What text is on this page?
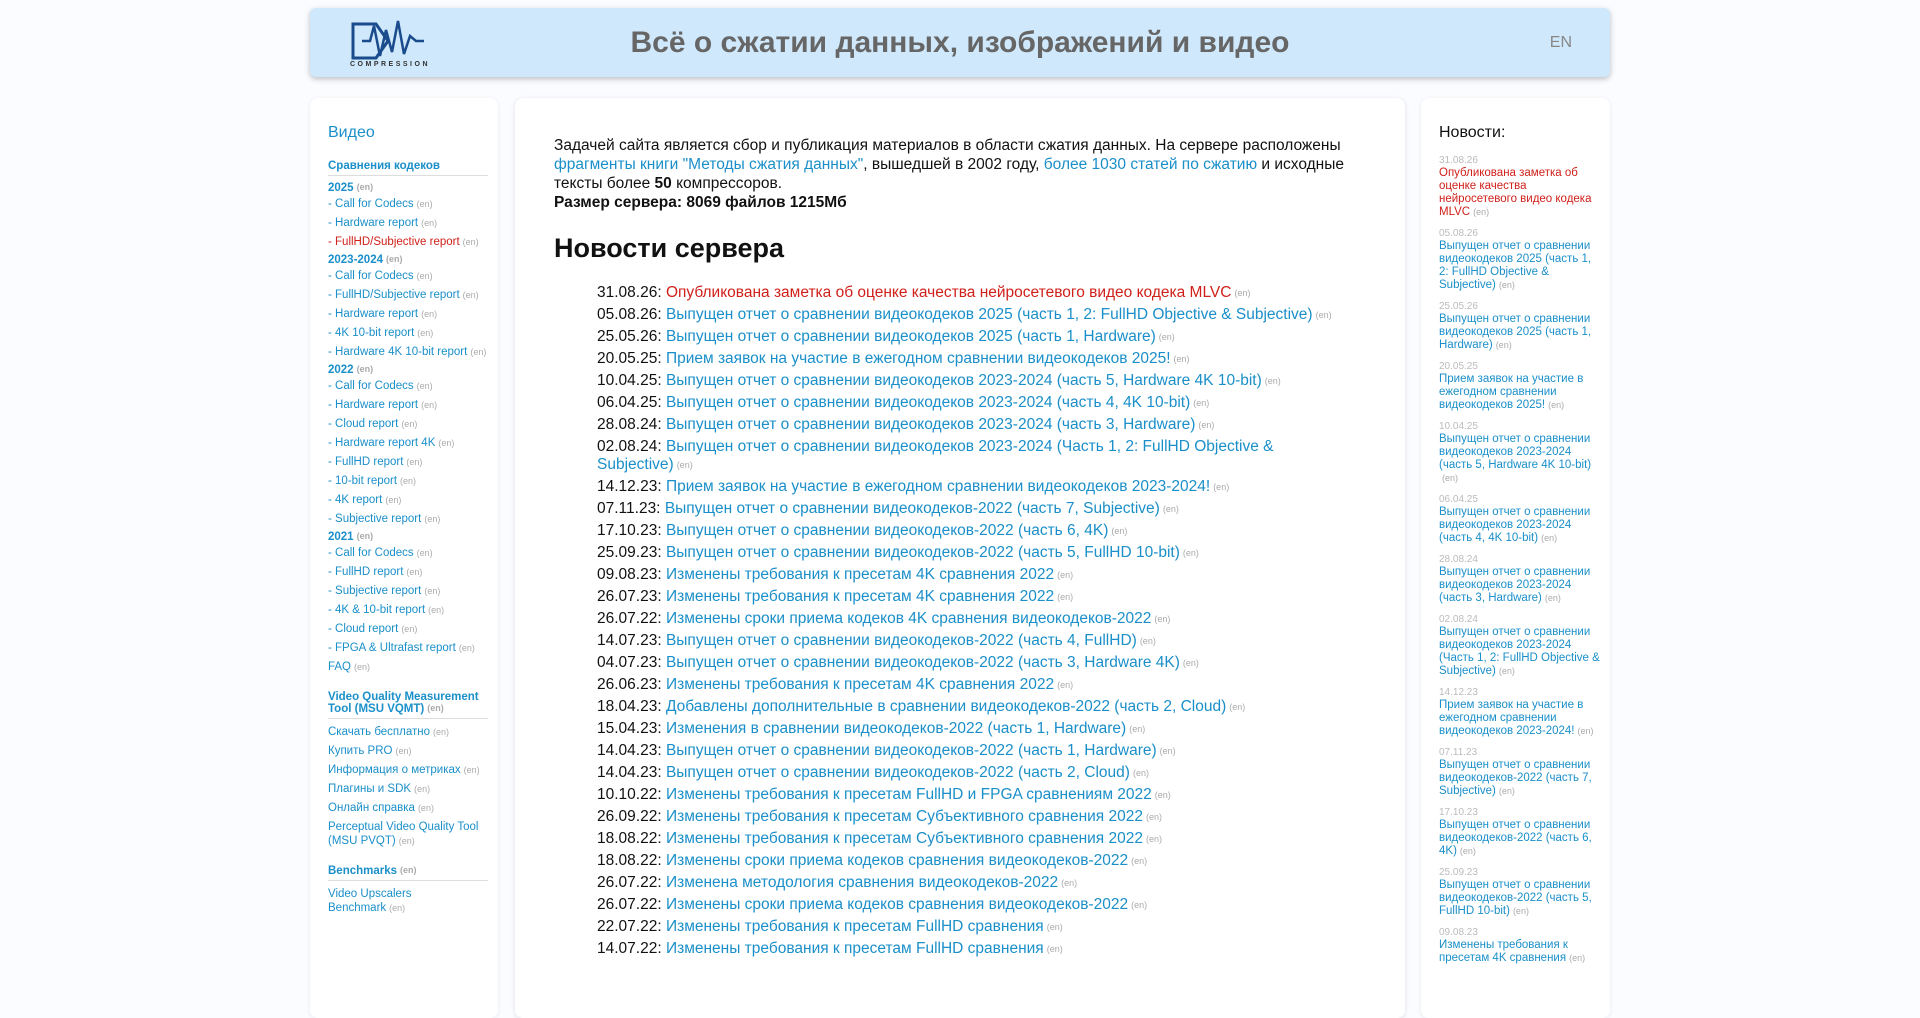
COMPRESSION
Всё о сжатии данных, изображений и видео	EN
Видео
Сравнения кодеков
2025 $^{(en)}$
- Call for Codecs $^{(en)}$
- Hardware report $^{(en)}$
- FullHD/Subjective report $^{(en)}$
2023-2024 $^{(en)}$
- Call for Codecs $^{(en)}$
- FullHD/Subjective report $^{(en)}$
- Hardware report $^{(en)}$
- 4K 10-bit report $^{(en)}$
- Hardware 4K 10-bit report $^{(en)}$
2022 $^{(en)}$
- Call for Codecs $^{(en)}$
- Hardware report $^{(en)}$
- Cloud report $^{(en)}$
- Hardware report 4K $^{(en)}$
- FullHD report $^{(en)}$
- 10-bit report $^{(en)}$
- 4K report $^{(en)}$
- Subjective report $^{(en)}$
2021 $^{(en)}$
- Call for Codecs $^{(en)}$
- FullHD report $^{(en)}$
- Subjective report $^{(en)}$
- 4K & 10-bit report $^{(en)}$
- Cloud report $^{(en)}$
- FPGA & Ultrafast report $^{(en)}$
FAQ $^{(en)}$
Video Quality Measurement Tool (MSU VQMT) $^{(en)}$
Скачать бесплатно $^{(en)}$
Купить PRO $^{(en)}$
Информация о метриках $^{(en)}$
Плагины и SDK $^{(en)}$
Онлайн справка $^{(en)}$
Perceptual Video Quality Tool (MSU PVQT) $^{(en)}$
Benchmarks $^{(en)}$
Video Upscalers Benchmark $^{(en)}$
Задачей сайта является сбор и публикация материалов в области сжатия данных. На сервере расположены фрагменты книги "Методы сжатия данных", вышедшей в 2002 году, более 1030 статей по сжатию и исходные тексты более 50 компрессоров.
Размер сервера: 8069 файлов 1215Мб
Новости сервера
31.08.26: Опубликована заметка об оценке качества нейросетевого видео кодека MLVC $^{(en)}$
05.08.26: Выпущен отчет о сравнении видеокодеков 2025 (часть 1, 2: FullHD Objective & Subjective) $^{(en)}$
25.05.26: Выпущен отчет о сравнении видеокодеков 2025 (часть 1, Hardware) $^{(en)}$
20.05.25: Прием заявок на участие в ежегодном сравнении видеокодеков 2025! $^{(en)}$
10.04.25: Выпущен отчет о сравнении видеокодеков 2023-2024 (часть 5, Hardware 4K 10-bit) $^{(en)}$
06.04.25: Выпущен отчет о сравнении видеокодеков 2023-2024 (часть 4, 4K 10-bit) $^{(en)}$
28.08.24: Выпущен отчет о сравнении видеокодеков 2023-2024 (часть 3, Hardware) $^{(en)}$
02.08.24: Выпущен отчет о сравнении видеокодеков 2023-2024 (Часть 1, 2: FullHD Objective & Subjective) $^{(en)}$
14.12.23: Прием заявок на участие в ежегодном сравнении видеокодеков 2023-2024! $^{(en)}$
07.11.23: Выпущен отчет о сравнении видеокодеков-2022 (часть 7, Subjective) $^{(en)}$
17.10.23: Выпущен отчет о сравнении видеокодеков-2022 (часть 6, 4K) $^{(en)}$
25.09.23: Выпущен отчет о сравнении видеокодеков-2022 (часть 5, FullHD 10-bit) $^{(en)}$
09.08.23: Изменены требования к пресетам 4K сравнения 2022 $^{(en)}$
26.07.23: Изменены требования к пресетам 4K сравнения 2022 $^{(en)}$
26.07.22: Изменены сроки приема кодеков 4K сравнения видеокодеков-2022 $^{(en)}$
14.07.23: Выпущен отчет о сравнении видеокодеков-2022 (часть 4, FullHD) $^{(en)}$
04.07.23: Выпущен отчет о сравнении видеокодеков-2022 (часть 3, Hardware 4K) $^{(en)}$
26.06.23: Изменены требования к пресетам 4K сравнения 2022 $^{(en)}$
18.04.23: Добавлены дополнительные в сравнении видеокодеков-2022 (часть 2, Cloud) $^{(en)}$
15.04.23: Изменения в сравнении видеокодеков-2022 (часть 1, Hardware) $^{(en)}$
14.04.23: Выпущен отчет о сравнении видеокодеков-2022 (часть 1, Hardware) $^{(en)}$
14.04.23: Выпущен отчет о сравнении видеокодеков-2022 (часть 2, Cloud) $^{(en)}$
10.10.22: Изменены требования к пресетам FullHD и FPGA сравнениям 2022 $^{(en)}$
26.09.22: Изменены требования к пресетам Субъективного сравнения 2022 $^{(en)}$
18.08.22: Изменены требования к пресетам Субъективного сравнения 2022 $^{(en)}$
18.08.22: Изменены сроки приема кодеков сравнения видеокодеков-2022 $^{(en)}$
26.07.22: Изменена методология сравнения видеокодеков-2022 $^{(en)}$
26.07.22: Изменены сроки приема кодеков сравнения видеокодеков-2022 $^{(en)}$
22.07.22: Изменены требования к пресетам FullHD сравнения $^{(en)}$
14.07.22: Изменены требования к пресетам FullHD сравнения $^{(en)}$
Новости:
31.08.26
Опубликована заметка об оценке качества нейросетевого видео кодека MLVC $^{(en)}$
05.08.26
Выпущен отчет о сравнении видеокодеков 2025 (часть 1, 2: FullHD Objective & Subjective) $^{(en)}$
25.05.26
Выпущен отчет о сравнении видеокодеков 2025 (часть 1, Hardware) $^{(en)}$
20.05.25
Прием заявок на участие в ежегодном сравнении видеокодеков 2025! $^{(en)}$
10.04.25
Выпущен отчет о сравнении видеокодеков 2023-2024 (часть 5, Hardware 4K 10-bit)$^{(en)}$
06.04.25
Выпущен отчет о сравнении видеокодеков 2023-2024 (часть 4, 4K 10-bit) $^{(en)}$
28.08.24
Выпущен отчет о сравнении видеокодеков 2023-2024 (часть 3, Hardware) $^{(en)}$
02.08.24
Выпущен отчет о сравнении видеокодеков 2023-2024 (Часть 1, 2: FullHD Objective & Subjective) $^{(en)}$
14.12.23
Прием заявок на участие в ежегодном сравнении видеокодеков 2023-2024! $^{(en)}$
07.11.23
Выпущен отчет о сравнении видеокодеков-2022 (часть 7, Subjective) $^{(en)}$
17.10.23
Выпущен отчет о сравнении видеокодеков-2022 (часть 6, 4K) $^{(en)}$
25.09.23
Выпущен отчет о сравнении видеокодеков-2022 (часть 5, FullHD 10-bit) $^{(en)}$
09.08.23
Изменены требования к пресетам 4K сравнения $^{(en)}$
